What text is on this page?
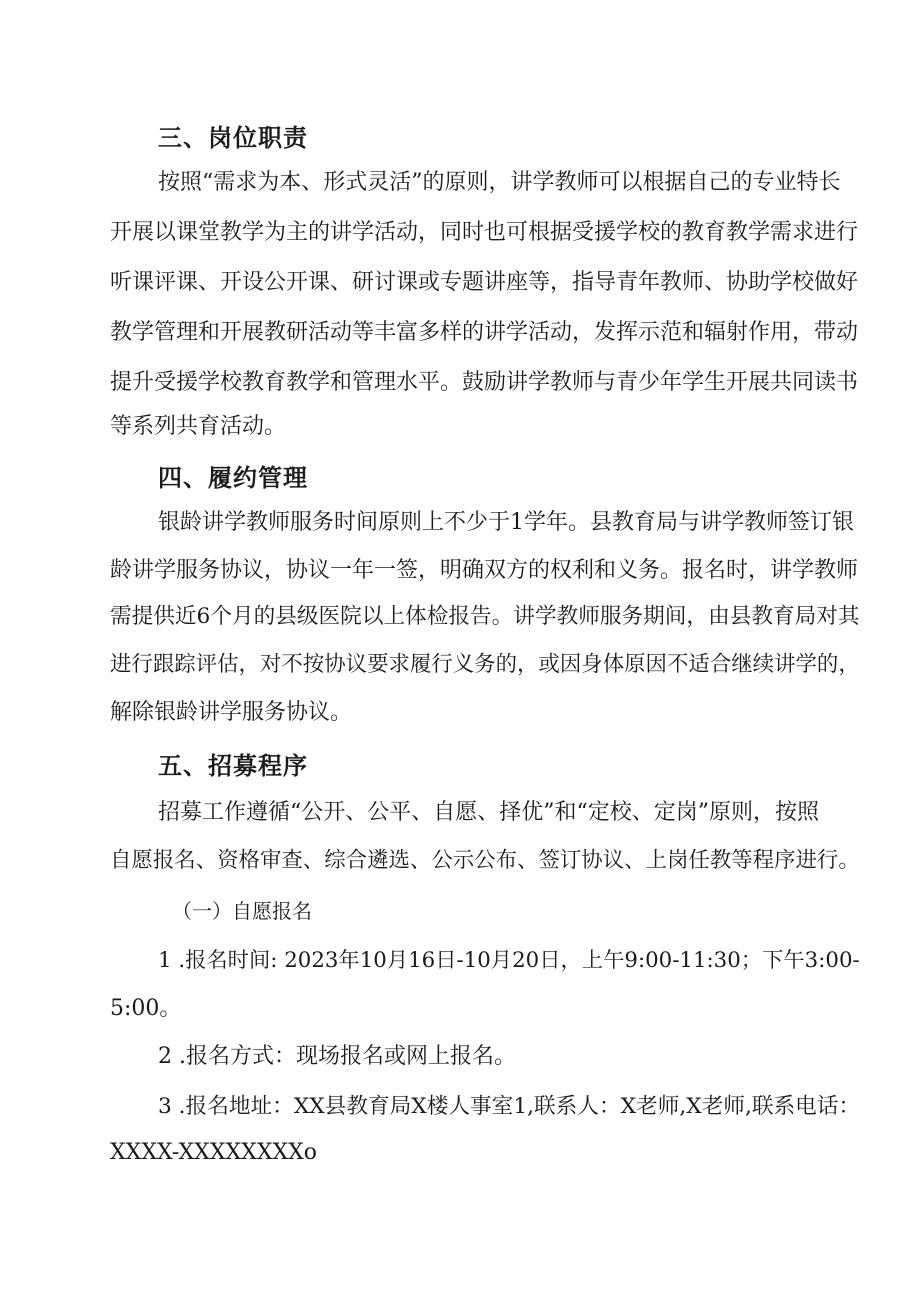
三、岗位职责
按照“需求为本、形式灵活”的原则，讲学教师可以根据自己的专业特长
开展以课堂教学为主的讲学活动，同时也可根据受援学校的教育教学需求进行
听课评课、开设公开课、研讨课或专题讲座等，指导青年教师、协助学校做好
教学管理和开展教研活动等丰富多样的讲学活动，发挥示范和辐射作用，带动
提升受援学校教育教学和管理水平。鼓励讲学教师与青少年学生开展共同读书
等系列共育活动。
四、履约管理
银龄讲学教师服务时间原则上不少于1学年。县教育局与讲学教师签订银
龄讲学服务协议，协议一年一签，明确双方的权利和义务。报名时，讲学教师
需提供近6个月的县级医院以上体检报告。讲学教师服务期间，由县教育局对其
进行跟踪评估，对不按协议要求履行义务的，或因身体原因不适合继续讲学的，
解除银龄讲学服务协议。
五、招募程序
招募工作遵循“公开、公平、自愿、择优”和“定校、定岗”原则，按照
自愿报名、资格审查、综合遴选、公示公布、签订协议、上岗任教等程序进行。
（一）自愿报名
1 .报名时间: 2023年10月16日-10月20日，上午9:00-11:30；下午3:00-
5:00。
2 .报名方式：现场报名或网上报名。
3 .报名地址：XX县教育局X楼人事室1,联系人：X老师,X老师,联系电话：
XXXX-XXXXXXXXo
